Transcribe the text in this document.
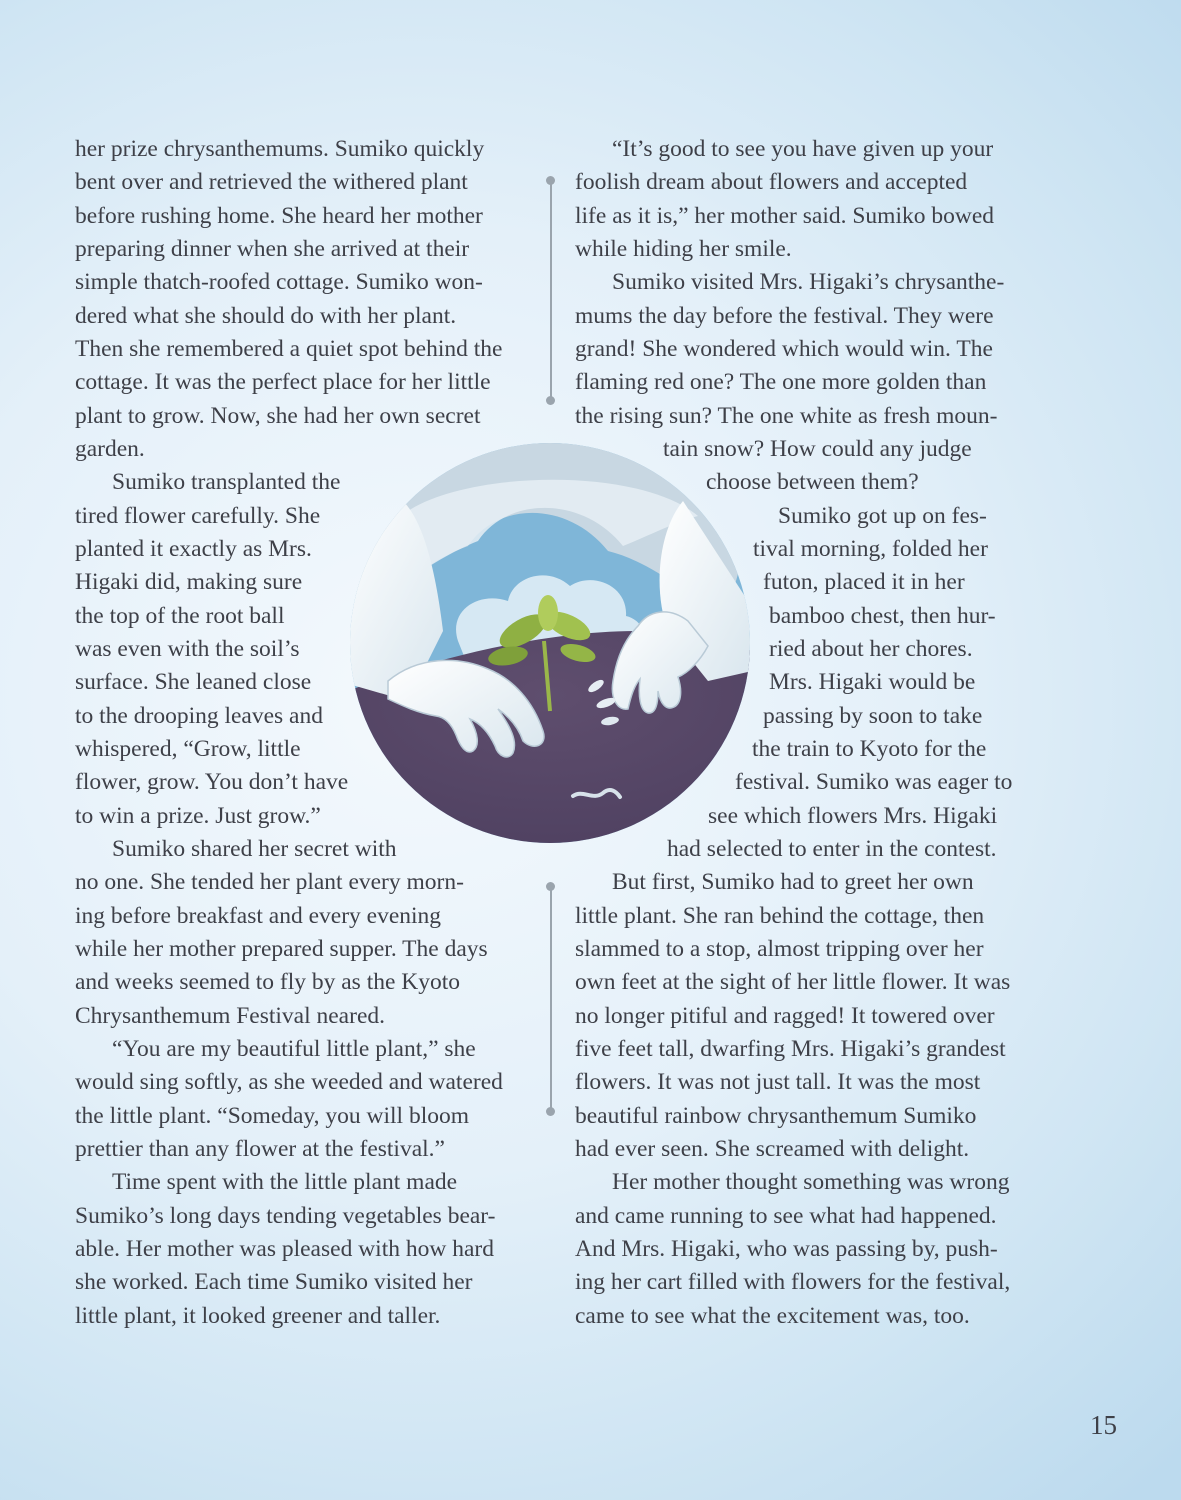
her prize chrysanthemums. Sumiko quickly
bent over and retrieved the withered plant
before rushing home. She heard her mother
preparing dinner when she arrived at their
simple thatch-roofed cottage. Sumiko won-
dered what she should do with her plant.
Then she remembered a quiet spot behind the
cottage. It was the perfect place for her little
plant to grow. Now, she had her own secret
garden.
Sumiko transplanted the
tired flower carefully. She
planted it exactly as Mrs.
Higaki did, making sure
the top of the root ball
was even with the soil’s
surface. She leaned close
to the drooping leaves and
whispered, “Grow, little
flower, grow. You don’t have
to win a prize. Just grow.”
Sumiko shared her secret with
no one. She tended her plant every morn-
ing before breakfast and every evening
while her mother prepared supper. The days
and weeks seemed to fly by as the Kyoto
Chrysanthemum Festival neared.
“You are my beautiful little plant,” she
would sing softly, as she weeded and watered
the little plant. “Someday, you will bloom
prettier than any flower at the festival.”
Time spent with the little plant made
Sumiko’s long days tending vegetables bear-
able. Her mother was pleased with how hard
she worked. Each time Sumiko visited her
little plant, it looked greener and taller.
“It’s good to see you have given up your
foolish dream about flowers and accepted
life as it is,” her mother said. Sumiko bowed
while hiding her smile.
Sumiko visited Mrs. Higaki’s chrysanthe-
mums the day before the festival. They were
grand! She wondered which would win. The
flaming red one? The one more golden than
the rising sun? The one white as fresh moun-
tain snow? How could any judge
choose between them?
Sumiko got up on fes-
tival morning, folded her
futon, placed it in her
bamboo chest, then hur-
ried about her chores.
Mrs. Higaki would be
passing by soon to take
the train to Kyoto for the
festival. Sumiko was eager to
see which flowers Mrs. Higaki
had selected to enter in the contest.
But first, Sumiko had to greet her own
little plant. She ran behind the cottage, then
slammed to a stop, almost tripping over her
own feet at the sight of her little flower. It was
no longer pitiful and ragged! It towered over
five feet tall, dwarfing Mrs. Higaki’s grandest
flowers. It was not just tall. It was the most
beautiful rainbow chrysanthemum Sumiko
had ever seen. She screamed with delight.
Her mother thought something was wrong
and came running to see what had happened.
And Mrs. Higaki, who was passing by, push-
ing her cart filled with flowers for the festival,
came to see what the excitement was, too.
15
